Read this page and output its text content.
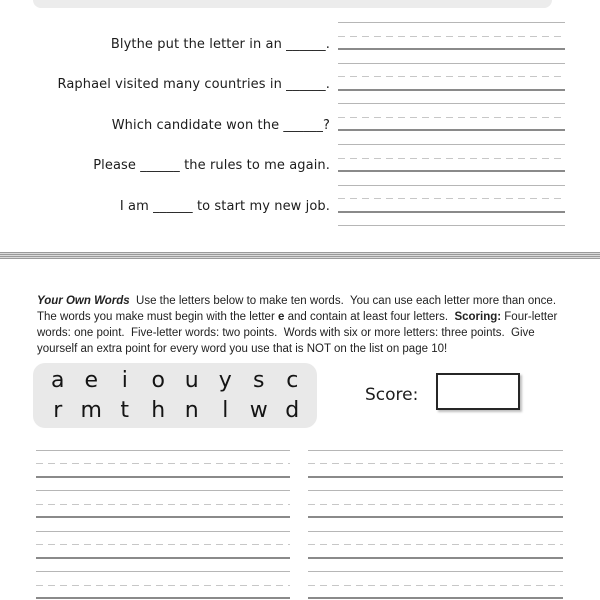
Blythe put the letter in an ______.
Raphael visited many countries in ______.
Which candidate won the ______?
Please ______ the rules to me again.
I am ______ to start my new job.

Your Own Words  Use the letters below to make ten words.  You can use each letter more than once.  The words you make must begin with the letter e and contain at least four letters.  Scoring: Four-letter words: one point.  Five-letter words: two points.  Words with six or more letters: three points.  Give yourself an extra point for every word you use that is NOT on the list on page 10!

a e i o u y s c
r m t h n l w d
Score:
